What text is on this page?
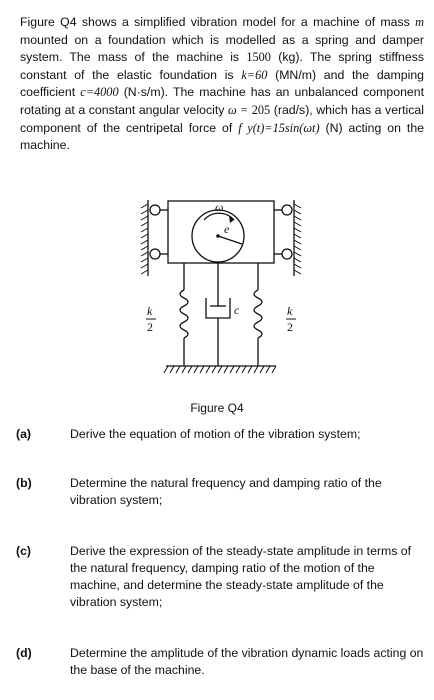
Figure Q4 shows a simplified vibration model for a machine of mass m mounted on a foundation which is modelled as a spring and damper system. The mass of the machine is 1500 (kg). The spring stiffness constant of the elastic foundation is k=60 (MN/m) and the damping coefficient c=4000 (N·s/m). The machine has an unbalanced component rotating at a constant angular velocity ω = 205 (rad/s), which has a vertical component of the centripetal force of f y(t)=15sin(ωt) (N) acting on the machine.
ω
e
c
k	k
2	2
Figure Q4
(a)	Derive the equation of motion of the vibration system;
(b)	Determine the natural frequency and damping ratio of the vibration system;
(c)	Derive the expression of the steady-state amplitude in terms of the natural frequency, damping ratio of the motion of the machine, and determine the steady-state amplitude of the vibration system;
(d)	Determine the amplitude of the vibration dynamic loads acting on the base of the machine.
